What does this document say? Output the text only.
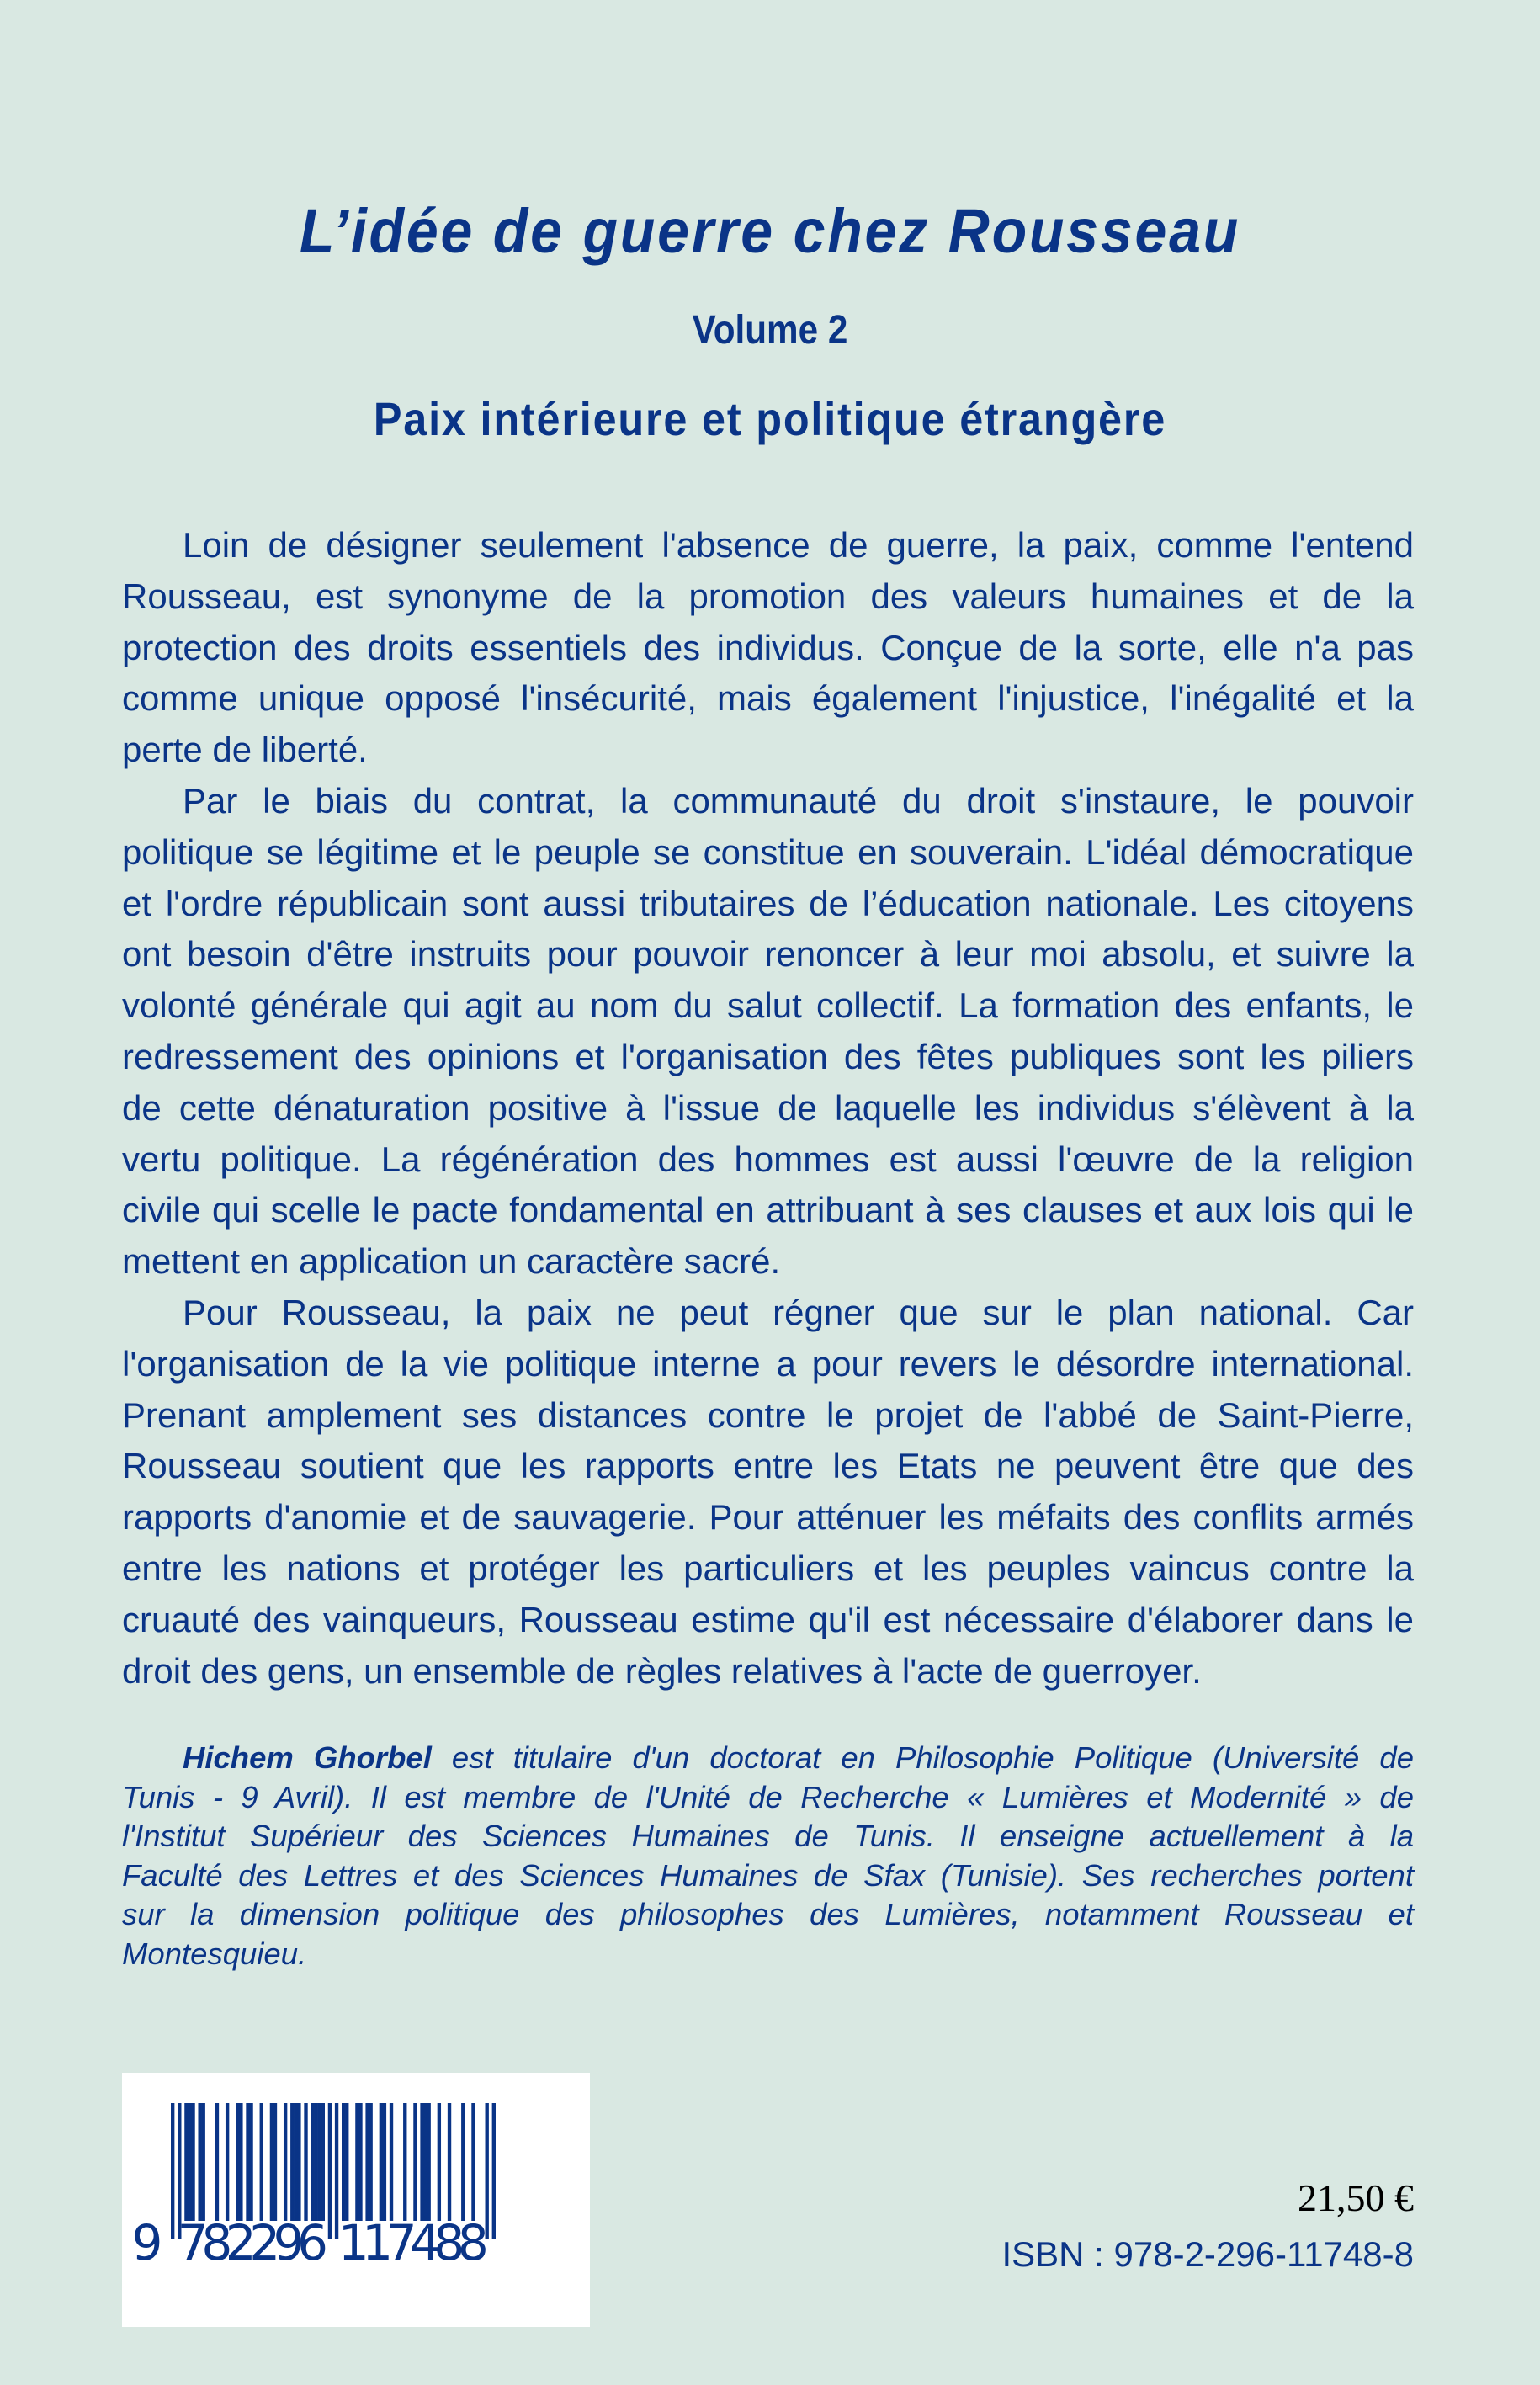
L’idée de guerre chez Rousseau
Volume 2
Paix intérieure et politique étrangère
Loin de désigner seulement l'absence de guerre, la paix, comme l'entend
Rousseau, est synonyme de la promotion des valeurs humaines et de la
protection des droits essentiels des individus. Conçue de la sorte, elle n'a pas
comme unique opposé l'insécurité, mais également l'injustice, l'inégalité et la
perte de liberté.
Par le biais du contrat, la communauté du droit s'instaure, le pouvoir
politique se légitime et le peuple se constitue en souverain. L'idéal démocratique
et l'ordre républicain sont aussi tributaires de l’éducation nationale. Les citoyens
ont besoin d'être instruits pour pouvoir renoncer à leur moi absolu, et suivre la
volonté générale qui agit au nom du salut collectif. La formation des enfants, le
redressement des opinions et l'organisation des fêtes publiques sont les piliers
de cette dénaturation positive à l'issue de laquelle les individus s'élèvent à la
vertu politique. La régénération des hommes est aussi l'œuvre de la religion
civile qui scelle le pacte fondamental en attribuant à ses clauses et aux lois qui le
mettent en application un caractère sacré.
Pour Rousseau, la paix ne peut régner que sur le plan national. Car
l'organisation de la vie politique interne a pour revers le désordre international.
Prenant amplement ses distances contre le projet de l'abbé de Saint-Pierre,
Rousseau soutient que les rapports entre les Etats ne peuvent être que des
rapports d'anomie et de sauvagerie. Pour atténuer les méfaits des conflits armés
entre les nations et protéger les particuliers et les peuples vaincus contre la
cruauté des vainqueurs, Rousseau estime qu'il est nécessaire d'élaborer dans le
droit des gens, un ensemble de règles relatives à l'acte de guerroyer.
Hichem Ghorbel est titulaire d'un doctorat en Philosophie Politique (Université de
Tunis - 9 Avril). Il est membre de l'Unité de Recherche « Lumières et Modernité » de
l'Institut Supérieur des Sciences Humaines de Tunis. Il enseigne actuellement à la
Faculté des Lettres et des Sciences Humaines de Sfax (Tunisie). Ses recherches portent
sur la dimension politique des philosophes des Lumières, notamment Rousseau et
Montesquieu.
9 7
8
2
2
9
6 1
1
7
4
8
8
21,50 €
ISBN : 978-2-296-11748-8
